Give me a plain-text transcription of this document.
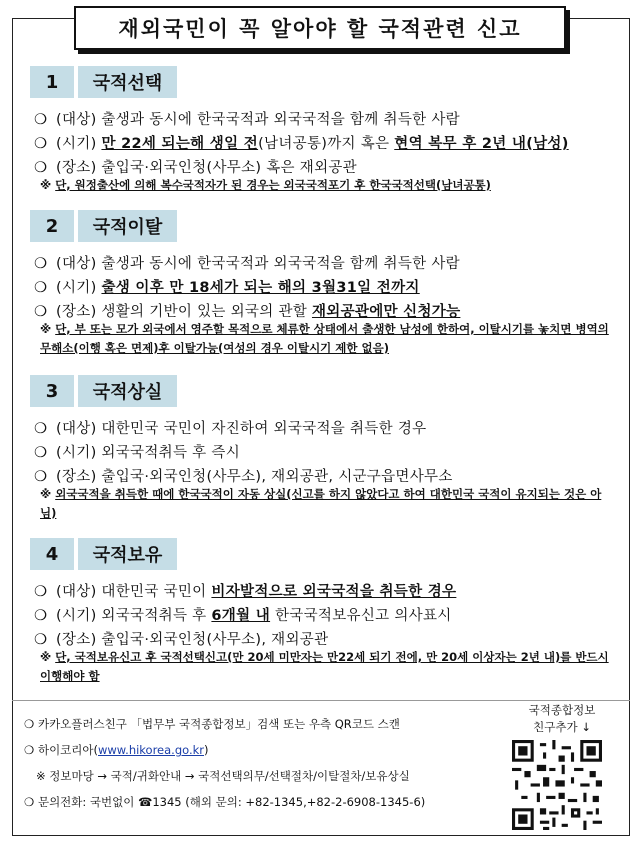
재외국민이 꼭 알아야 할 국적관련 신고
1	국적선택
❍ (대상) 출생과 동시에 한국국적과 외국국적을 함께 취득한 사람
❍ (시기) 만 22세 되는해 생일 전(남녀공통)까지 혹은 현역 복무 후 2년 내(남성)
❍ (장소) 출입국·외국인청(사무소) 혹은 재외공관
※ 단, 원정출산에 의해 복수국적자가 된 경우는 외국국적포기 후 한국국적선택(남녀공통)
2	국적이탈
❍ (대상) 출생과 동시에 한국국적과 외국국적을 함께 취득한 사람
❍ (시기) 출생 이후 만 18세가 되는 해의 3월31일 전까지
❍ (장소) 생활의 기반이 있는 외국의 관할 재외공관에만 신청가능
※ 단, 부 또는 모가 외국에서 영주할 목적으로 체류한 상태에서 출생한 남성에 한하여, 이탈시기를 놓치면 병역의무해소(이행 혹은 면제)후 이탈가능(여성의 경우 이탈시기 제한 없음)
3	국적상실
❍ (대상) 대한민국 국민이 자진하여 외국국적을 취득한 경우
❍ (시기) 외국국적취득 후 즉시
❍ (장소) 출입국·외국인청(사무소), 재외공관, 시군구읍면사무소
※ 외국국적을 취득한 때에 한국국적이 자동 상실(신고를 하지 않았다고 하여 대한민국 국적이 유지되는 것은 아님)
4	국적보유
❍ (대상) 대한민국 국민이 비자발적으로 외국국적을 취득한 경우
❍ (시기) 외국국적취득 후 6개월 내 한국국적보유신고 의사표시
❍ (장소) 출입국·외국인청(사무소), 재외공관
※ 단, 국적보유신고 후 국적선택신고(만 20세 미만자는 만22세 되기 전에, 만 20세 이상자는 2년 내)를 반드시 이행해야 함
❍ 카카오플러스친구 「법무부 국적종합정보」검색 또는 우측 QR코드 스캔
❍ 하이코리아(www.hikorea.go.kr)
※ 정보마당 → 국적/귀화안내 → 국적선택의무/선택절차/이탈절차/보유상실
❍ 문의전화: 국번없이 ☎1345 (해외 문의: +82-1345,+82-2-6908-1345-6)
국적종합정보
친구추가 ↓
